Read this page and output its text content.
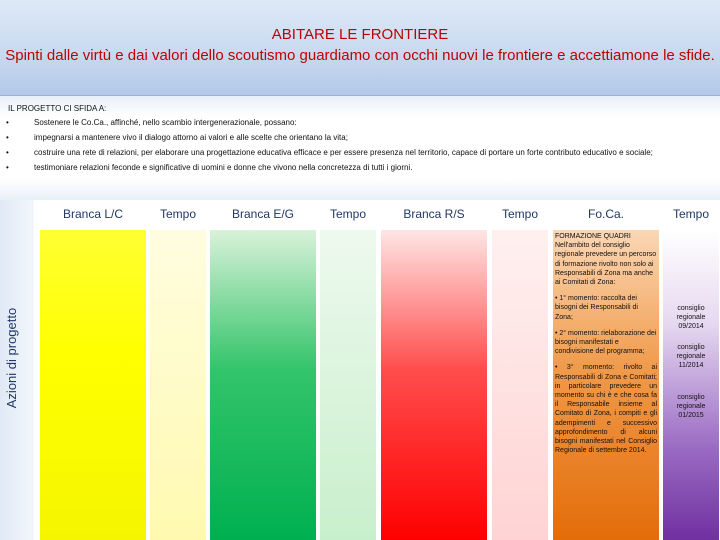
ABITARE LE FRONTIERE
Spinti dalle virtù e dai valori dello scoutismo guardiamo con occhi nuovi le frontiere e accettiamone le sfide.
IL PROGETTO CI SFIDA A:
•	Sostenere le Co.Ca., affinché, nello scambio intergenerazionale, possano:
•	impegnarsi a mantenere vivo il dialogo attorno ai valori e alle scelte che orientano la vita;
•	costruire una rete di relazioni, per elaborare una progettazione educativa efficace e per essere presenza nel territorio, capace di portare un forte contributo educativo e sociale;
•	testimoniare relazioni feconde e significative di uomini e donne che vivono nella concretezza di tutti i giorni.
Azioni di progetto
Branca L/C	Tempo	Branca E/G	Tempo	Branca R/S	Tempo	Fo.Ca.	Tempo

FORMAZIONE QUADRI Nell'ambito del consiglio regionale prevedere un percorso di formazione rivolto non solo ai Responsabili di Zona ma anche ai Comitati di Zona:

• 1° momento: raccolta dei bisogni dei Responsabili di Zona;

• 2° momento: rielaborazione dei bisogni manifestati e condivisione del programma;

• 3° momento: rivolto ai Responsabili di Zona e Comitati; in particolare prevedere un momento su chi è e che cosa fa il Responsabile insieme al Comitato di Zona, i compiti e gli adempimenti e successivo approfondimento di alcuni bisogni manifestati nel Consiglio Regionale di settembre 2014.

consiglio regionale 09/2014
consiglio regionale 11/2014
consiglio regionale 01/2015
